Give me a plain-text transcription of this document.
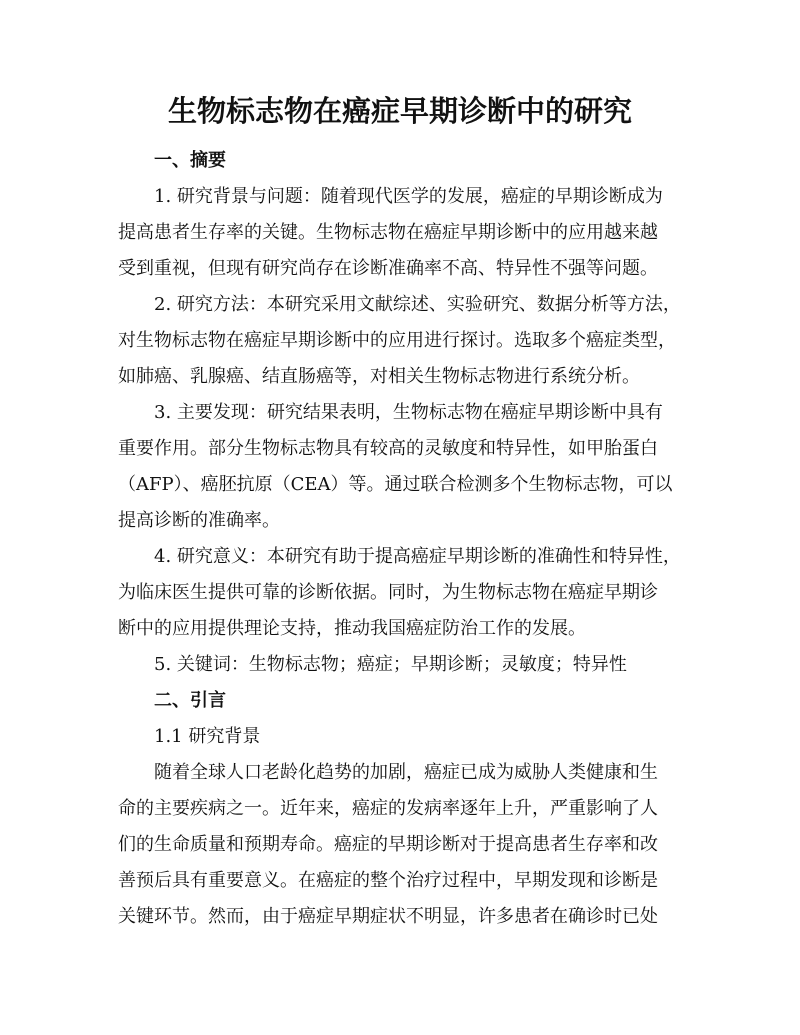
生物标志物在癌症早期诊断中的研究
一、摘要
1. 研究背景与问题：随着现代医学的发展，癌症的早期诊断成为
提高患者生存率的关键。生物标志物在癌症早期诊断中的应用越来越
受到重视，但现有研究尚存在诊断准确率不高、特异性不强等问题。
2. 研究方法：本研究采用文献综述、实验研究、数据分析等方法，
对生物标志物在癌症早期诊断中的应用进行探讨。选取多个癌症类型，
如肺癌、乳腺癌、结直肠癌等，对相关生物标志物进行系统分析。
3. 主要发现：研究结果表明，生物标志物在癌症早期诊断中具有
重要作用。部分生物标志物具有较高的灵敏度和特异性，如甲胎蛋白
（AFP）、癌胚抗原（CEA）等。通过联合检测多个生物标志物，可以
提高诊断的准确率。
4. 研究意义：本研究有助于提高癌症早期诊断的准确性和特异性，
为临床医生提供可靠的诊断依据。同时，为生物标志物在癌症早期诊
断中的应用提供理论支持，推动我国癌症防治工作的发展。
5. 关键词：生物标志物；癌症；早期诊断；灵敏度；特异性
二、引言
1.1 研究背景
随着全球人口老龄化趋势的加剧，癌症已成为威胁人类健康和生
命的主要疾病之一。近年来，癌症的发病率逐年上升，严重影响了人
们的生命质量和预期寿命。癌症的早期诊断对于提高患者生存率和改
善预后具有重要意义。在癌症的整个治疗过程中，早期发现和诊断是
关键环节。然而，由于癌症早期症状不明显，许多患者在确诊时已处
